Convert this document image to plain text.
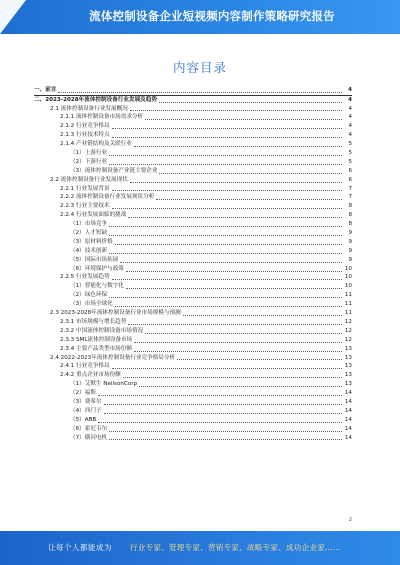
流体控制设备企业短视频内容制作策略研究报告
内容目录
一、前言	4
二、2023-2028年流体控制设备行业发展及趋势	4
2.1 流体控制设备行业发展概况	4
2.1.1 流体控制设备市场需求分析	4
2.1.2 行业竞争格局	4
2.1.3 行业技术特点	4
2.1.4 产业链结构及关联行业	5
（1）上游行业	5
（2）下游行业	5
（3）流体控制设备产业链主要企业	6
2.2 流体控制设备行业发展现状	6
2.2.1 行业发展背景	7
2.2.2 流体控制设备行业发展现状分析	7
2.2.3 行业主要技术	8
2.2.4 行业发展面临的挑战	8
（1）市场竞争	8
（2）人才短缺	9
（3）原材料价格	9
（4）技术创新	9
（5）国际市场拓展	9
（6）环境保护与政策	10
2.2.5 行业发展趋势	10
（1）智能化与数字化	10
（2）绿色环保	11
（3）市场全球化	11
2.3 2023-2028年流体控制设备行业市场规模与预测	11
2.3.1 市场规模与增长趋势	12
2.3.2 中国流体控制设备市场情况	12
2.3.3 SML流体控制设备市场	12
2.3.4 主要产品类型市场份额	13
2.4 2022-2023年流体控制设备行业竞争格局分析	13
2.4.1 行业竞争格局	13
2.4.2 重点企业市场份额	13
（1）艾默生 NeilsonCorp	13
（2）福斯	14
（3）费希尔	14
（4）西门子	14
（5）ABB	14
（6）霍尼韦尔	14
（7）横河电机	14
2
让每个人都能成为 行业专家、管理专家、营销专家、战略专家、成功企业家……
